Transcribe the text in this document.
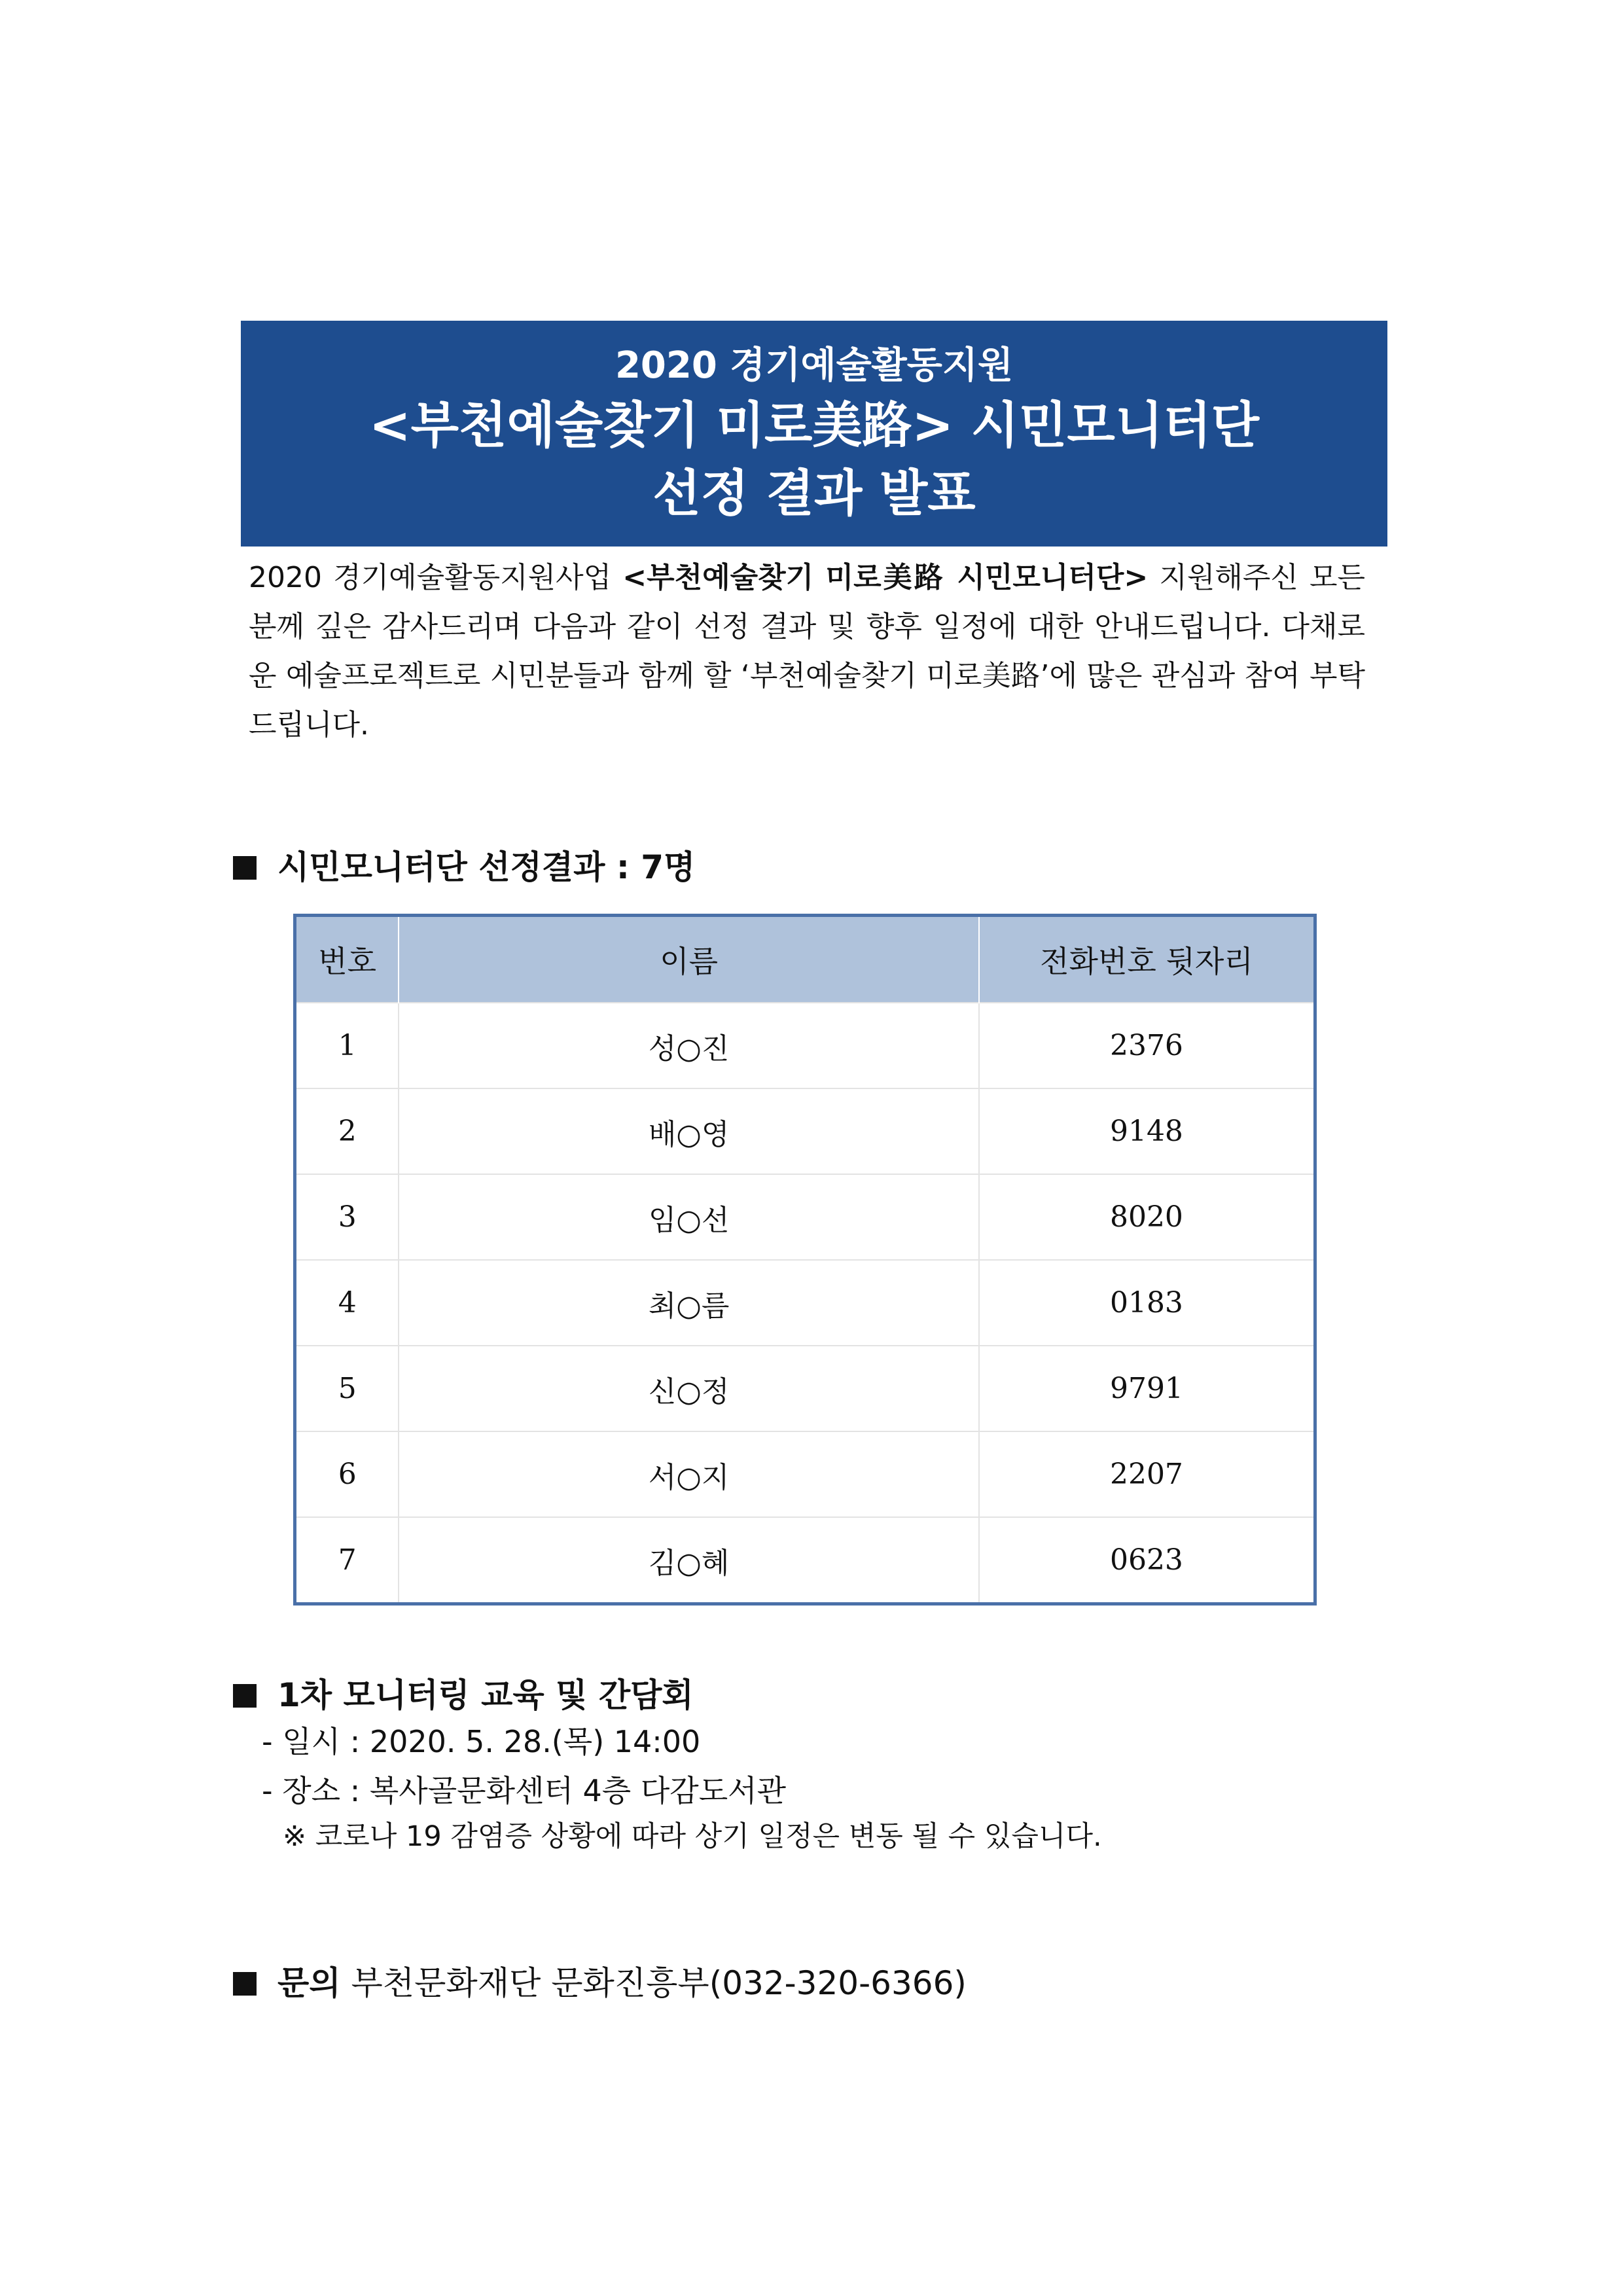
2020 경기예술활동지원
<부천예술찾기 미로美路> 시민모니터단
선정 결과 발표
2020 경기예술활동지원사업 <부천예술찾기 미로美路 시민모니터단> 지원해주신 모든 분께 깊은 감사드리며 다음과 같이 선정 결과 및 향후 일정에 대한 안내드립니다. 다채로운 예술프로젝트로 시민분들과 함께 할 ‘부천예술찾기 미로美路’에 많은 관심과 참여 부탁드립니다.
시민모니터단 선정결과 : 7명
번호	이름	전화번호 뒷자리
1	성○진	2376
2	배○영	9148
3	임○선	8020
4	최○름	0183
5	신○정	9791
6	서○지	2207
7	김○혜	0623
1차 모니터링 교육 및 간담회
- 일시 : 2020. 5. 28.(목) 14:00
- 장소 : 복사골문화센터 4층 다감도서관
※ 코로나 19 감염증 상황에 따라 상기 일정은 변동 될 수 있습니다.
문의 부천문화재단 문화진흥부(032-320-6366)
